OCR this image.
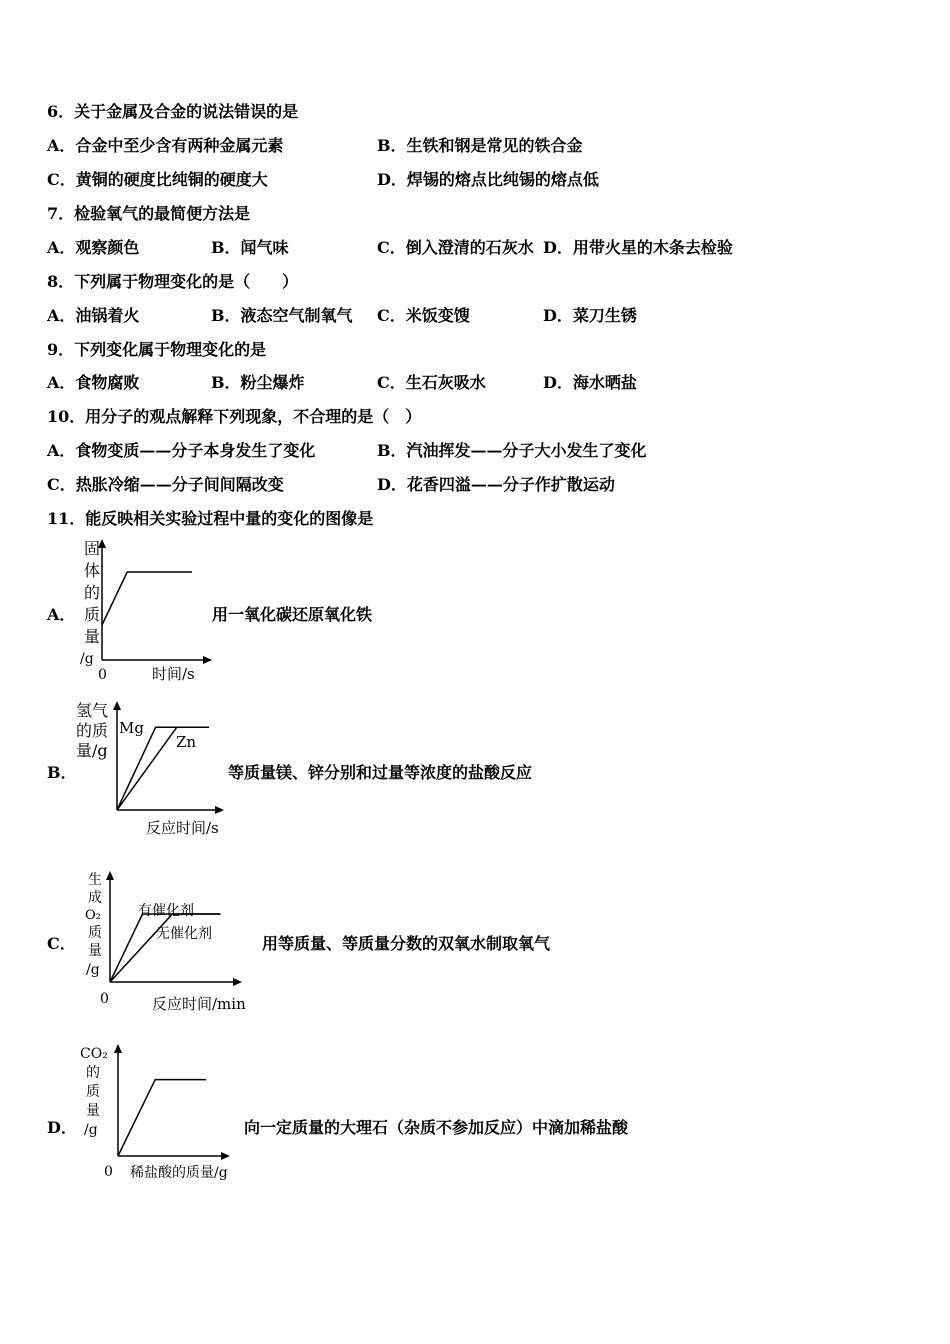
6．关于金属及合金的说法错误的是
A．合金中至少含有两种金属元素	B．生铁和钢是常见的铁合金
C．黄铜的硬度比纯铜的硬度大	D．焊锡的熔点比纯锡的熔点低
7．检验氧气的最简便方法是
A．观察颜色	B．闻气味	C．倒入澄清的石灰水 D．用带火星的木条去检验
8．下列属于物理变化的是（　　）
A．油锅着火	B．液态空气制氧气 C．米饭变馊	D．菜刀生锈
9．下列变化属于物理变化的是
A．食物腐败	B．粉尘爆炸	C．生石灰吸水	D．海水晒盐
10．用分子的观点解释下列现象，不合理的是（　）
A．食物变质——分子本身发生了变化	B．汽油挥发——分子大小发生了变化
C．热胀冷缩——分子间间隔改变	D．花香四溢——分子作扩散运动
11．能反映相关实验过程中量的变化的图像是
A．	用一氧化碳还原氧化铁
固
体
的
质
量
/g
0	时间/s
B．	等质量镁、锌分别和过量等浓度的盐酸反应
氢气
的质
量/g
反应时间/s
Mg
Zn
C．	用等质量、等质量分数的双氧水制取氧气
生
成
O₂
质
量
/g
0	反应时间/min
有催化剂
无催化剂
D．	向一定质量的大理石（杂质不参加反应）中滴加稀盐酸
CO₂
的
质
量
/g
0 稀盐酸的质量/g
